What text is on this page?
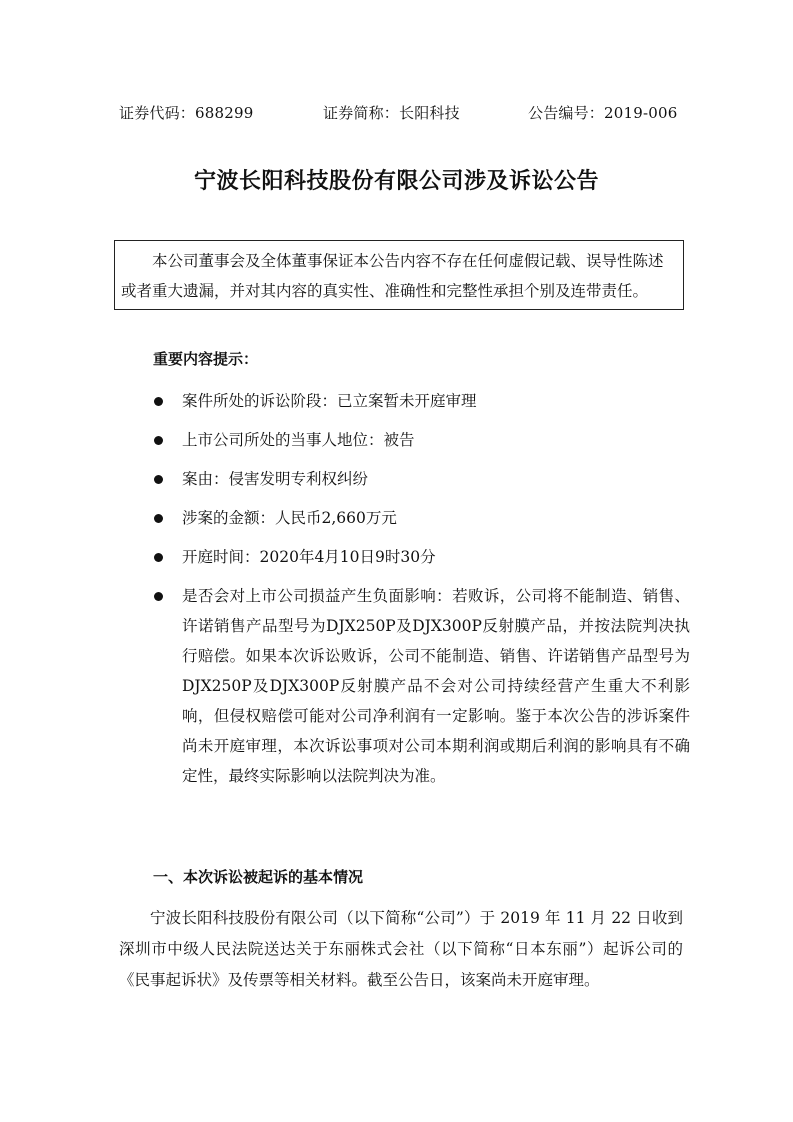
证券代码：688299	证券简称：长阳科技	公告编号：2019-006
宁波长阳科技股份有限公司涉及诉讼公告
本公司董事会及全体董事保证本公告内容不存在任何虚假记载、误导性陈述或者重大遗漏，并对其内容的真实性、准确性和完整性承担个别及连带责任。
重要内容提示：
案件所处的诉讼阶段：已立案暂未开庭审理
上市公司所处的当事人地位：被告
案由：侵害发明专利权纠纷
涉案的金额：人民币2,660万元
开庭时间：2020年4月10日9时30分
是否会对上市公司损益产生负面影响：若败诉，公司将不能制造、销售、许诺销售产品型号为DJX250P及DJX300P反射膜产品，并按法院判决执行赔偿。如果本次诉讼败诉，公司不能制造、销售、许诺销售产品型号为DJX250P及DJX300P反射膜产品不会对公司持续经营产生重大不利影响，但侵权赔偿可能对公司净利润有一定影响。鉴于本次公告的涉诉案件尚未开庭审理，本次诉讼事项对公司本期利润或期后利润的影响具有不确定性，最终实际影响以法院判决为准。
一、本次诉讼被起诉的基本情况

宁波长阳科技股份有限公司（以下简称“公司”）于 2019 年 11 月 22 日收到深圳市中级人民法院送达关于东丽株式会社（以下简称“日本东丽”）起诉公司的《民事起诉状》及传票等相关材料。截至公告日，该案尚未开庭审理。
